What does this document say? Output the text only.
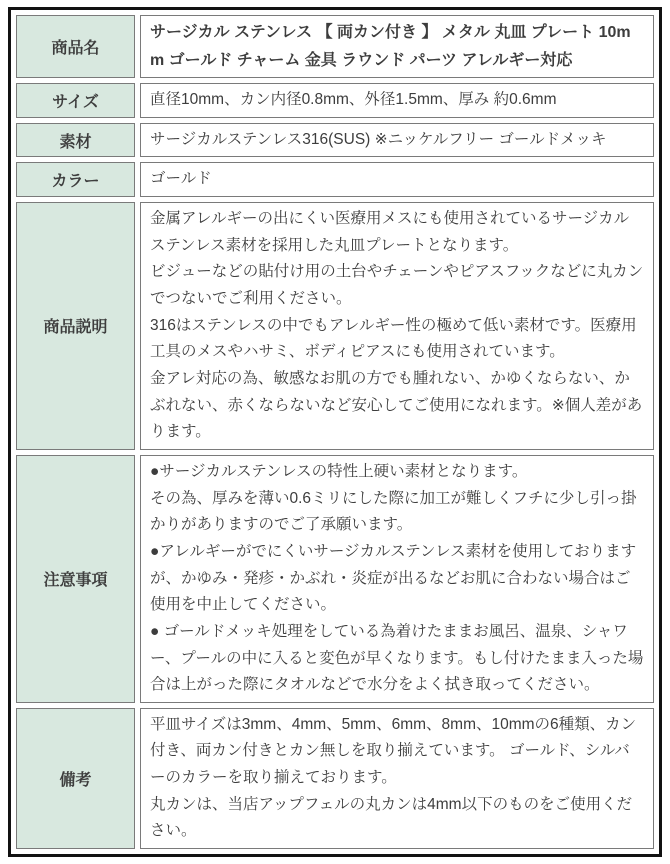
商品名	サージカル ステンレス 【 両カン付き 】 メタル 丸皿 プレート 10mm ゴールド チャーム 金具 ラウンド パーツ アレルギー対応

サイズ	直径10mm、カン内径0.8mm、外径1.5mm、厚み 約0.6mm

素材	サージカルステンレス316(SUS) ※ニッケルフリー ゴールドメッキ

カラー	ゴールド

商品説明	金属アレルギーの出にくい医療用メスにも使用されているサージカルステンレス素材を採用した丸皿プレートとなります。
ビジューなどの貼付け用の土台やチェーンやピアスフックなどに丸カンでつないでご利用ください。
316はステンレスの中でもアレルギー性の極めて低い素材です。医療用工具のメスやハサミ、ボディピアスにも使用されています。
金アレ対応の為、敏感なお肌の方でも腫れない、かゆくならない、かぶれない、赤くならないなど安心してご使用になれます。※個人差があります。

注意事項	●サージカルステンレスの特性上硬い素材となります。
その為、厚みを薄い0.6ミリにした際に加工が難しくフチに少し引っ掛かりがありますのでご了承願います。
●アレルギーがでにくいサージカルステンレス素材を使用しておりますが、かゆみ・発疹・かぶれ・炎症が出るなどお肌に合わない場合はご使用を中止してください。
● ゴールドメッキ処理をしている為着けたままお風呂、温泉、シャワー、プールの中に入ると変色が早くなります。もし付けたまま入った場合は上がった際にタオルなどで水分をよく拭き取ってください。

備考	平皿サイズは3mm、4mm、5mm、6mm、8mm、10mmの6種類、カン付き、両カン付きとカン無しを取り揃えています。 ゴールド、シルバーのカラーを取り揃えております。
丸カンは、当店アップフェルの丸カンは4mm以下のものをご使用ください。
